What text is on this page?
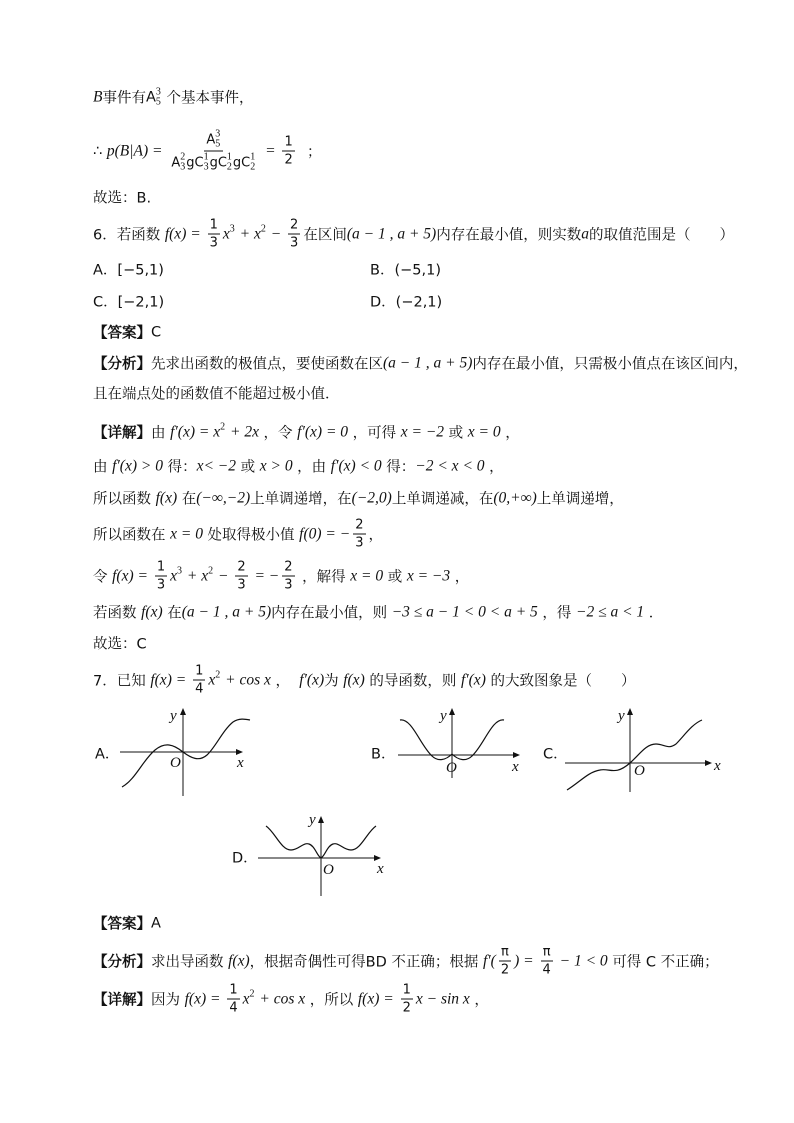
B 事件有 A 3
5 个基本事件，
∴ p(B|A) = A 3
5
A 2
3 gC 1
3 gC 1
2 gC 1
$2 = \frac{1}{2}$ ；
故选：B.
6．若函数 $f(x) = \frac{1}{3}$ x 3 + x $2 - \frac{2}{3}$ 在区间 (a − 1 , a + 5) 内存在最小值，则实数 a 的取值范围是（　　）
A．[−5,1)	B．(−5,1)
C．[−2,1)	D．(−2,1)
【答案】 C
【分析】 先求出函数的极值点，要使函数在区 (a − 1 , a + 5) 内存在最小值，只需极小值点在该区间内，
且在端点处的函数值不能超过极小值．
【详解】 由 f′(x) = x 2 + 2x ，令 f′(x) = 0 ，可得 x = −2 或 x = 0 ，
由 f′(x) > 0 得： x< −2 或 x > 0 ，由 f′(x) < 0 得： −2 < x < 0 ，
所以函数 f(x) 在 (−∞,−2) 上单调递增，在 (−2,0) 上单调递减，在 (0,+∞) 上单调递增，
所以函数在 x = 0 处取得极小值 f(0) = − $\frac{2}{3}$ ，
令 $f(x) = \frac{1}{3}$ x 3 + x $2 - \frac{2}{3}$ = − $\frac{2}{3}$ ，解得 x = 0 或 x = −3 ，
若函数 f(x) 在 (a − 1 , a + 5) 内存在最小值，则 −3 ≤ a − 1 < 0 < a + 5 ，得 −2 ≤ a < 1 ．
故选：C
7．已知 $f(x) = \frac{1}{4}$ x 2 + cos x ， f′(x) 为 f(x) 的导函数，则 f′(x) 的大致图象是（　　）
A．
y
O	x
B．
y
O	x
C．
y
O	x
D．
y
O	x
【答案】 A
【分析】 求出导函数 f(x) ，根据奇偶性可得BD 不正确；根据 $f'( \frac{\pi}{2}$ ) = $\frac{\pi}{4} - 1 < 0$ 可得 C 不正确；
【详解】 因为 $f(x) = \frac{1}{4}$ x 2 + cos x ，所以 $f(x) = \frac{1}{2}$ x − sin x ，
